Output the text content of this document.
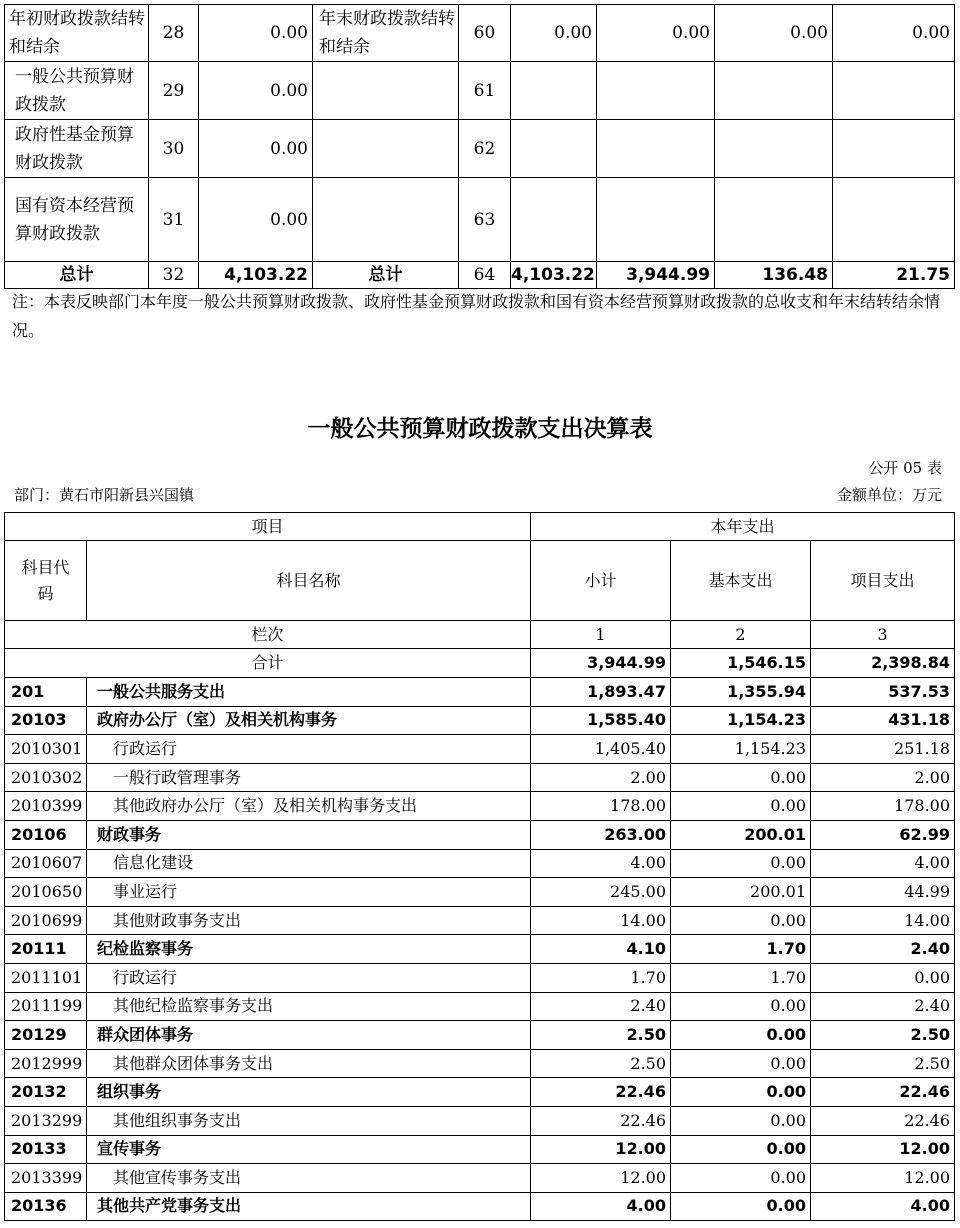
年初财政拨款结转和结余	28	0.00	年末财政拨款结转和结余	60	0.00	0.00	0.00	0.00
一般公共预算财政拨款	29	0.00		61				
政府性基金预算财政拨款	30	0.00		62				
国有资本经营预算财政拨款	31	0.00		63				
总计	32	4,103.22	总计	64	4,103.22	3,944.99	136.48	21.75
注：本表反映部门本年度一般公共预算财政拨款、政府性基金预算财政拨款和国有资本经营预算财政拨款的总收支和年末结转结余情况。
一般公共预算财政拨款支出决算表
公开 05 表
部门：黄石市阳新县兴国镇	金额单位：万元
项目		本年支出		
科目代码	科目名称	小计	基本支出	项目支出
栏次		1	2	3
合计		3,944.99	1,546.15	2,398.84
201	一般公共服务支出	1,893.47	1,355.94	537.53
20103	政府办公厅（室）及相关机构事务	1,585.40	1,154.23	431.18
2010301	行政运行	1,405.40	1,154.23	251.18
2010302	一般行政管理事务	2.00	0.00	2.00
2010399	其他政府办公厅（室）及相关机构事务支出	178.00	0.00	178.00
20106	财政事务	263.00	200.01	62.99
2010607	信息化建设	4.00	0.00	4.00
2010650	事业运行	245.00	200.01	44.99
2010699	其他财政事务支出	14.00	0.00	14.00
20111	纪检监察事务	4.10	1.70	2.40
2011101	行政运行	1.70	1.70	0.00
2011199	其他纪检监察事务支出	2.40	0.00	2.40
20129	群众团体事务	2.50	0.00	2.50
2012999	其他群众团体事务支出	2.50	0.00	2.50
20132	组织事务	22.46	0.00	22.46
2013299	其他组织事务支出	22.46	0.00	22.46
20133	宣传事务	12.00	0.00	12.00
2013399	其他宣传事务支出	12.00	0.00	12.00
20136	其他共产党事务支出	4.00	0.00	4.00
